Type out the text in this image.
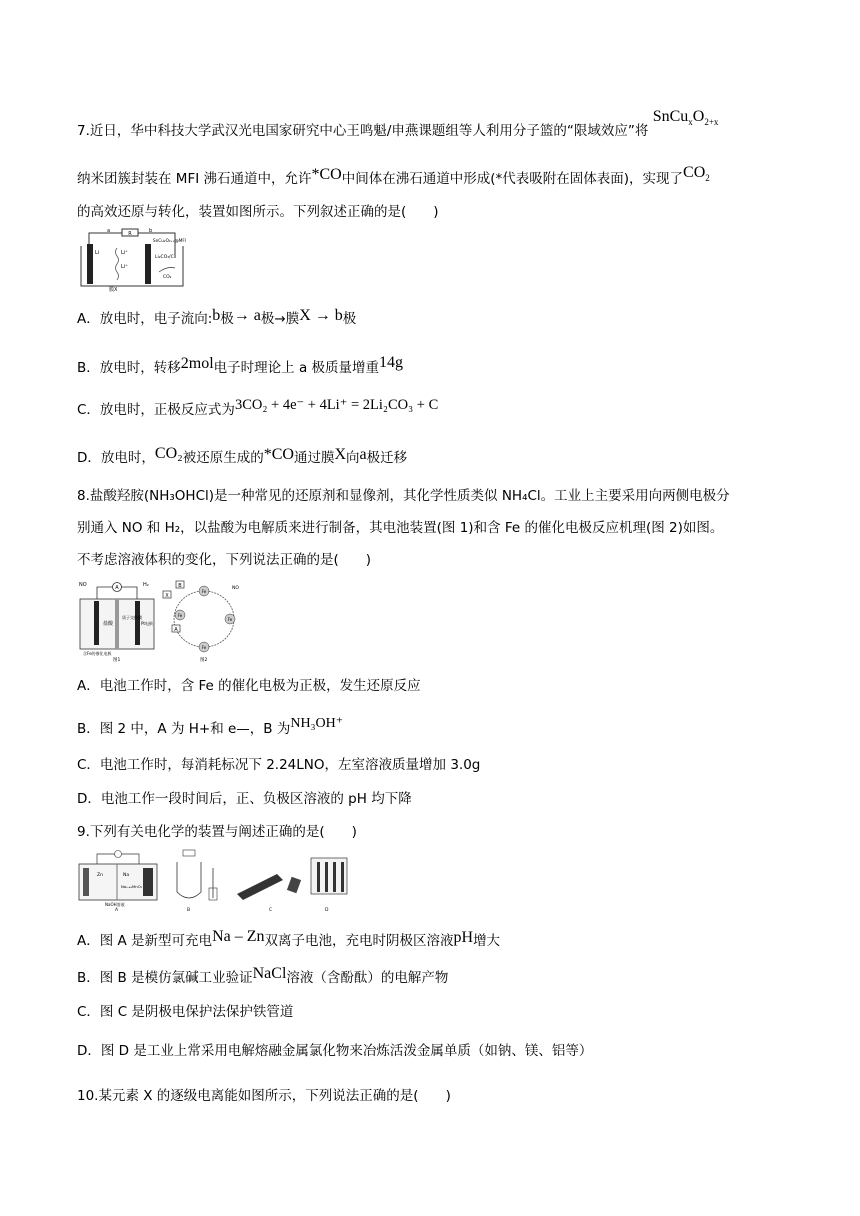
7.近日，华中科技大学武汉光电国家研究中心王鸣魁/申燕课题组等人利用分子篮的“限域效应”将 $SnCu_xO_{2+x}$
纳米团簇封装在 MFI 沸石通道中，允许*CO中间体在沸石通道中形成(*代表吸附在固体表面)，实现了$CO_2$
的高效还原与转化，装置如图所示。下列叙述正确的是(　　)
R
a	b
Li	Li⁺
Li⁺
SnCu₂O₂₊ₓ@MFI
Li₂CO₃/C
CO₂
膜X
A．放电时，电子流向:b极→ a极→膜X → b极
B．放电时，转移2mol电子时理论上 a 极质量增重14g
C．放电时，正极反应式为3CO₂ + 4e⁻ + 4Li⁺ = 2Li₂CO₃ + C
D．放电时，CO₂被还原生成的*CO通过膜X向a极迁移
8.盐酸羟胺(NH₃OHCl)是一种常见的还原剂和显像剂，其化学性质类似 NH₄Cl。工业上主要采用向两侧电极分
别通入 NO 和 H₂，以盐酸为电解质来进行制备，其电池装置(图 1)和含 Fe 的催化电极反应机理(图 2)如图。
不考虑溶液体积的变化，下列说法正确的是(　　)
A
NO	H₂
盐酸
质子交换膜
Pt电极
含Fe的催化电极
图1
B
X
A
NO
Fe
Fe
Fe
Fe
图2
A．电池工作时，含 Fe 的催化电极为正极，发生还原反应
B．图 2 中，A 为 H+和 e—，B 为NH₃OH⁺
C．电池工作时，每消耗标况下 2.24LNO，左室溶液质量增加 3.0g
D．电池工作一段时间后，正、负极区溶液的 pH 均下降
9.下列有关电化学的装置与阐述正确的是(　　)
Zn	Na
Na₀.₄₄MnO₂
NaOH溶液
A	B	C	D
A．图 A 是新型可充电Na – Zn双离子电池，充电时阴极区溶液pH增大
B．图 B 是模仿氯碱工业验证NaCl溶液（含酚酞）的电解产物
C．图 C 是阴极电保护法保护铁管道
D．图 D 是工业上常采用电解熔融金属氯化物来冶炼活泼金属单质（如钠、镁、铝等）
10.某元素 X 的逐级电离能如图所示，下列说法正确的是(　　)
